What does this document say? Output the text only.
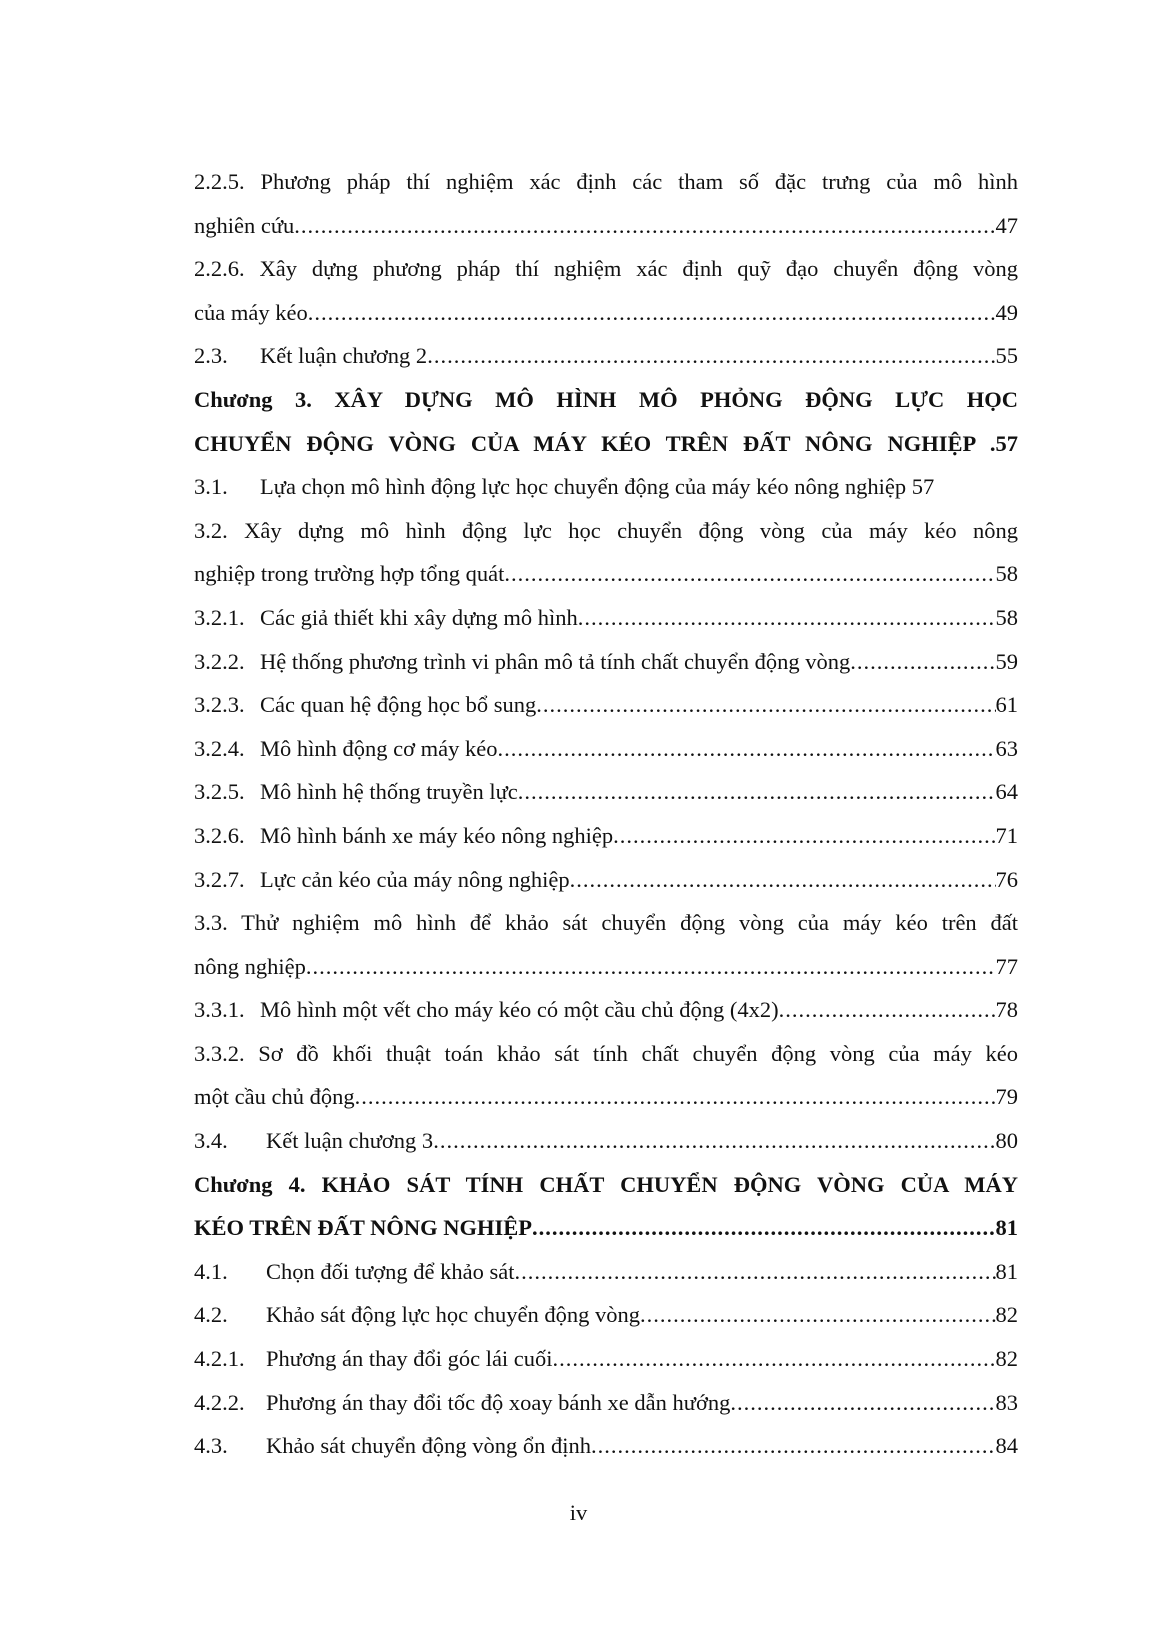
2.2.5. Phương pháp thí nghiệm xác định các tham số đặc trưng của mô hình
nghiên cứu .....	47
2.2.6. Xây dựng phương pháp thí nghiệm xác định quỹ đạo chuyển động vòng
của máy kéo .....	49
2.3. Kết luận chương 2 .....	55
Chương 3. XÂY DỰNG MÔ HÌNH MÔ PHỎNG ĐỘNG LỰC HỌC
CHUYỂN ĐỘNG VÒNG CỦA MÁY KÉO TRÊN ĐẤT NÔNG NGHIỆP .57
3.1. Lựa chọn mô hình động lực học chuyển động của máy kéo nông nghiệp 57
3.2. Xây dựng mô hình động lực học chuyển động vòng của máy kéo nông
nghiệp trong trường hợp tổng quát .....	58
3.2.1. Các giả thiết khi xây dựng mô hình .....	58
3.2.2. Hệ thống phương trình vi phân mô tả tính chất chuyển động vòng .....	59
3.2.3. Các quan hệ động học bổ sung .....	61
3.2.4. Mô hình động cơ máy kéo .....	63
3.2.5. Mô hình hệ thống truyền lực .....	64
3.2.6. Mô hình bánh xe máy kéo nông nghiệp .....	71
3.2.7. Lực cản kéo của máy nông nghiệp .....	76
3.3. Thử nghiệm mô hình để khảo sát chuyển động vòng của máy kéo trên đất
nông nghiệp .....	77
3.3.1. Mô hình một vết cho máy kéo có một cầu chủ động (4x2) .....	78
3.3.2. Sơ đồ khối thuật toán khảo sát tính chất chuyển động vòng của máy kéo
một cầu chủ động .....	79
3.4. Kết luận chương 3 .....	80
Chương 4. KHẢO SÁT TÍNH CHẤT CHUYỂN ĐỘNG VÒNG CỦA MÁY
KÉO TRÊN ĐẤT NÔNG NGHIỆP .....	81
4.1. Chọn đối tượng để khảo sát .....	81
4.2. Khảo sát động lực học chuyển động vòng .....	82
4.2.1. Phương án thay đổi góc lái cuối .....	82
4.2.2. Phương án thay đổi tốc độ xoay bánh xe dẫn hướng .....	83
4.3. Khảo sát chuyển động vòng ổn định .....	84
iv
